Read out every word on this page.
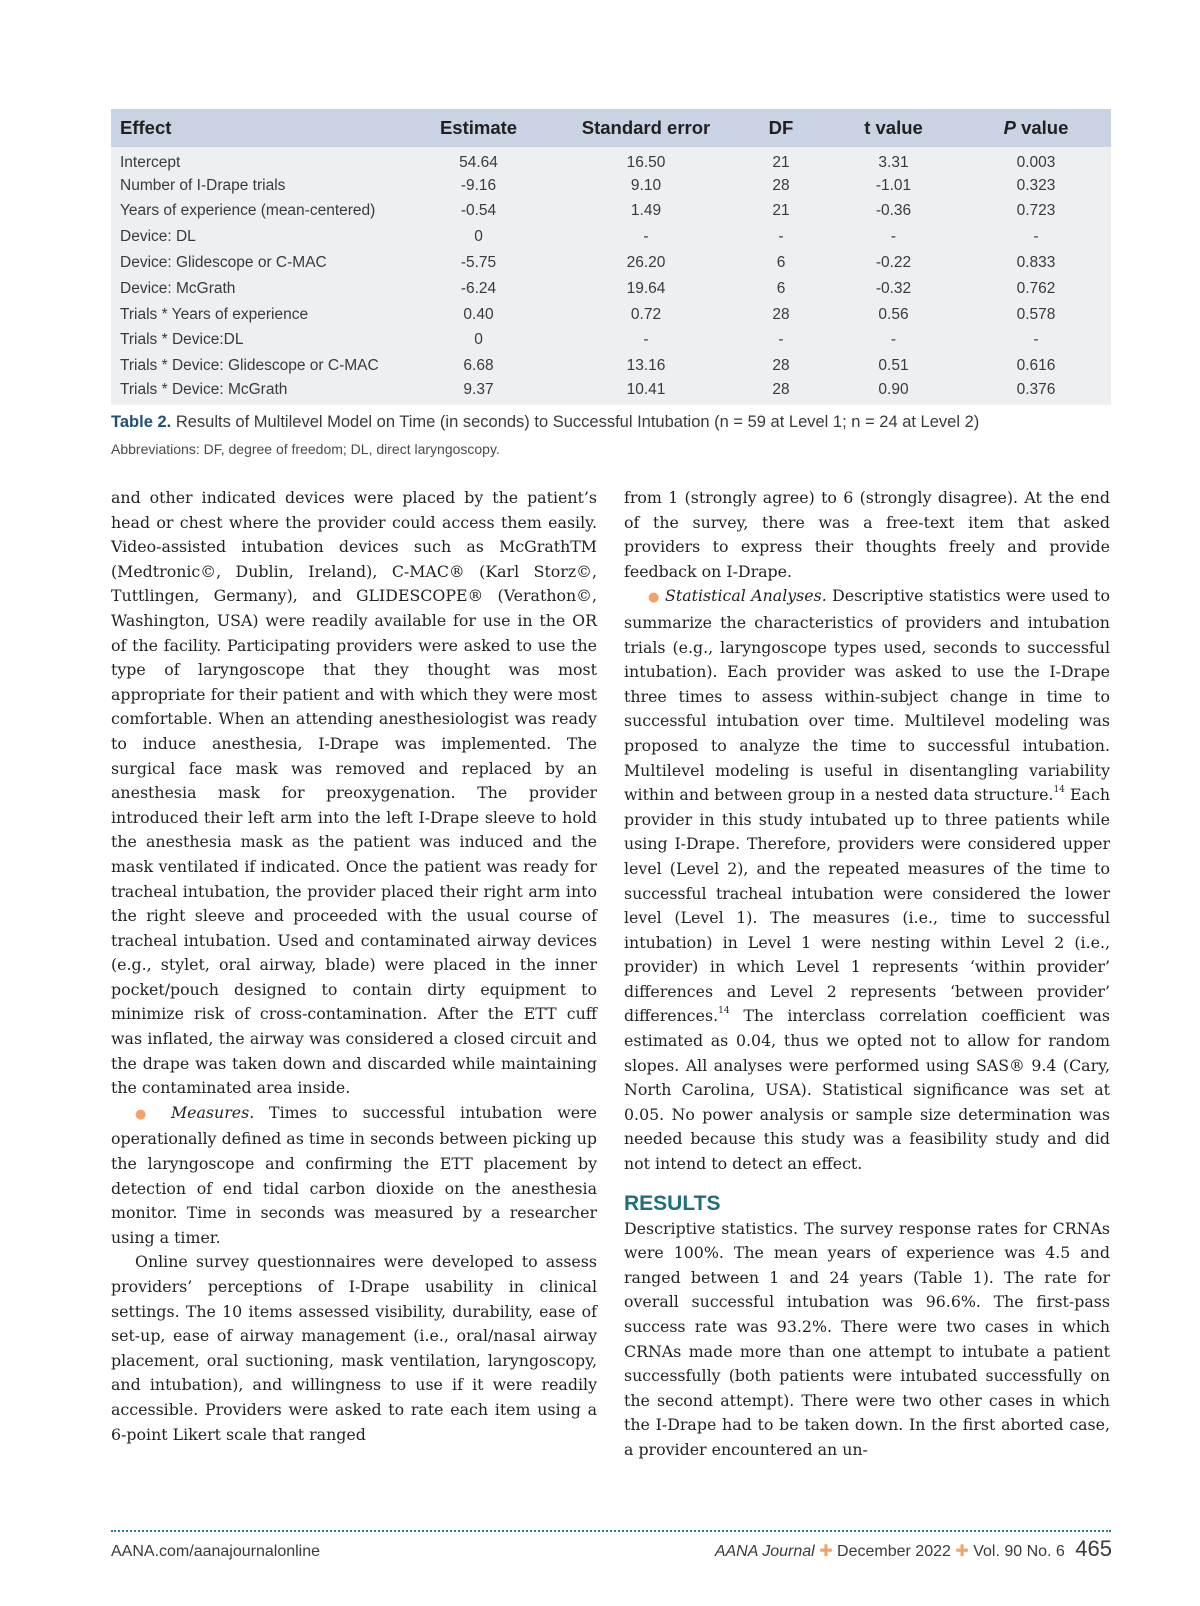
Effect	Estimate	Standard error	DF	t value	P value
Intercept	54.64	16.50	21	3.31	0.003
Number of I-Drape trials	-9.16	9.10	28	-1.01	0.323
Years of experience (mean-centered)	-0.54	1.49	21	-0.36	0.723
Device: DL	0	-	-	-	-
Device: Glidescope or C-MAC	-5.75	26.20	6	-0.22	0.833
Device: McGrath	-6.24	19.64	6	-0.32	0.762
Trials * Years of experience	0.40	0.72	28	0.56	0.578
Trials * Device:DL	0	-	-	-	-
Trials * Device: Glidescope or C-MAC	6.68	13.16	28	0.51	0.616
Trials * Device: McGrath	9.37	10.41	28	0.90	0.376
Table 2. Results of Multilevel Model on Time (in seconds) to Successful Intubation (n = 59 at Level 1; n = 24 at Level 2)
Abbreviations: DF, degree of freedom; DL, direct laryngoscopy.

and other indicated devices were placed by the patient’s head or chest where the provider could access them easily. Video-assisted intubation devices such as McGrathTM (Medtronic©, Dublin, Ireland), C-MAC® (Karl Storz©, Tuttlingen, Germany), and GLIDESCOPE® (Verathon©, Washington, USA) were readily available for use in the OR of the facility. Participating providers were asked to use the type of laryngoscope that they thought was most appropriate for their patient and with which they were most comfortable. When an attending anesthesiologist was ready to induce anesthesia, I-Drape was implemented. The surgical face mask was removed and replaced by an anesthesia mask for preoxygenation. The provider introduced their left arm into the left I-Drape sleeve to hold the anesthesia mask as the patient was induced and the mask ventilated if indicated. Once the patient was ready for tracheal intubation, the provider placed their right arm into the right sleeve and proceeded with the usual course of tracheal intubation. Used and contaminated airway devices (e.g., stylet, oral airway, blade) were placed in the inner pocket/pouch designed to contain dirty equipment to minimize risk of cross-contamination. After the ETT cuff was inflated, the airway was considered a closed circuit and the drape was taken down and discarded while maintaining the contaminated area inside.

● Measures. Times to successful intubation were operationally defined as time in seconds between picking up the laryngoscope and confirming the ETT placement by detection of end tidal carbon dioxide on the anesthesia monitor. Time in seconds was measured by a researcher using a timer.

Online survey questionnaires were developed to assess providers’ perceptions of I-Drape usability in clinical settings. The 10 items assessed visibility, durability, ease of set-up, ease of airway management (i.e., oral/nasal airway placement, oral suctioning, mask ventilation, laryngoscopy, and intubation), and willingness to use if it were readily accessible. Providers were asked to rate each item using a 6-point Likert scale that ranged

from 1 (strongly agree) to 6 (strongly disagree). At the end of the survey, there was a free-text item that asked providers to express their thoughts freely and provide feedback on I-Drape.

● Statistical Analyses. Descriptive statistics were used to summarize the characteristics of providers and intubation trials (e.g., laryngoscope types used, seconds to successful intubation). Each provider was asked to use the I-Drape three times to assess within-subject change in time to successful intubation over time. Multilevel modeling was proposed to analyze the time to successful intubation. Multilevel modeling is useful in disentangling variability within and between group in a nested data structure.$^{14}$ Each provider in this study intubated up to three patients while using I-Drape. Therefore, providers were considered upper level (Level 2), and the repeated measures of the time to successful tracheal intubation were considered the lower level (Level 1). The measures (i.e., time to successful intubation) in Level 1 were nesting within Level 2 (i.e., provider) in which Level 1 represents ‘within provider’ differences and Level 2 represents ‘between provider’ differences.$^{14}$ The interclass correlation coefficient was estimated as 0.04, thus we opted not to allow for random slopes. All analyses were performed using SAS® 9.4 (Cary, North Carolina, USA). Statistical significance was set at 0.05. No power analysis or sample size determination was needed because this study was a feasibility study and did not intend to detect an effect.

RESULTS

Descriptive statistics. The survey response rates for CRNAs were 100%. The mean years of experience was 4.5 and ranged between 1 and 24 years (Table 1). The rate for overall successful intubation was 96.6%. The first-pass success rate was 93.2%. There were two cases in which CRNAs made more than one attempt to intubate a patient successfully (both patients were intubated successfully on the second attempt). There were two other cases in which the I-Drape had to be taken down. In the first aborted case, a provider encountered an un-

AANA.com/aanajournalonline	AANA Journal ✚ December 2022 ✚ Vol. 90 No. 6 465
